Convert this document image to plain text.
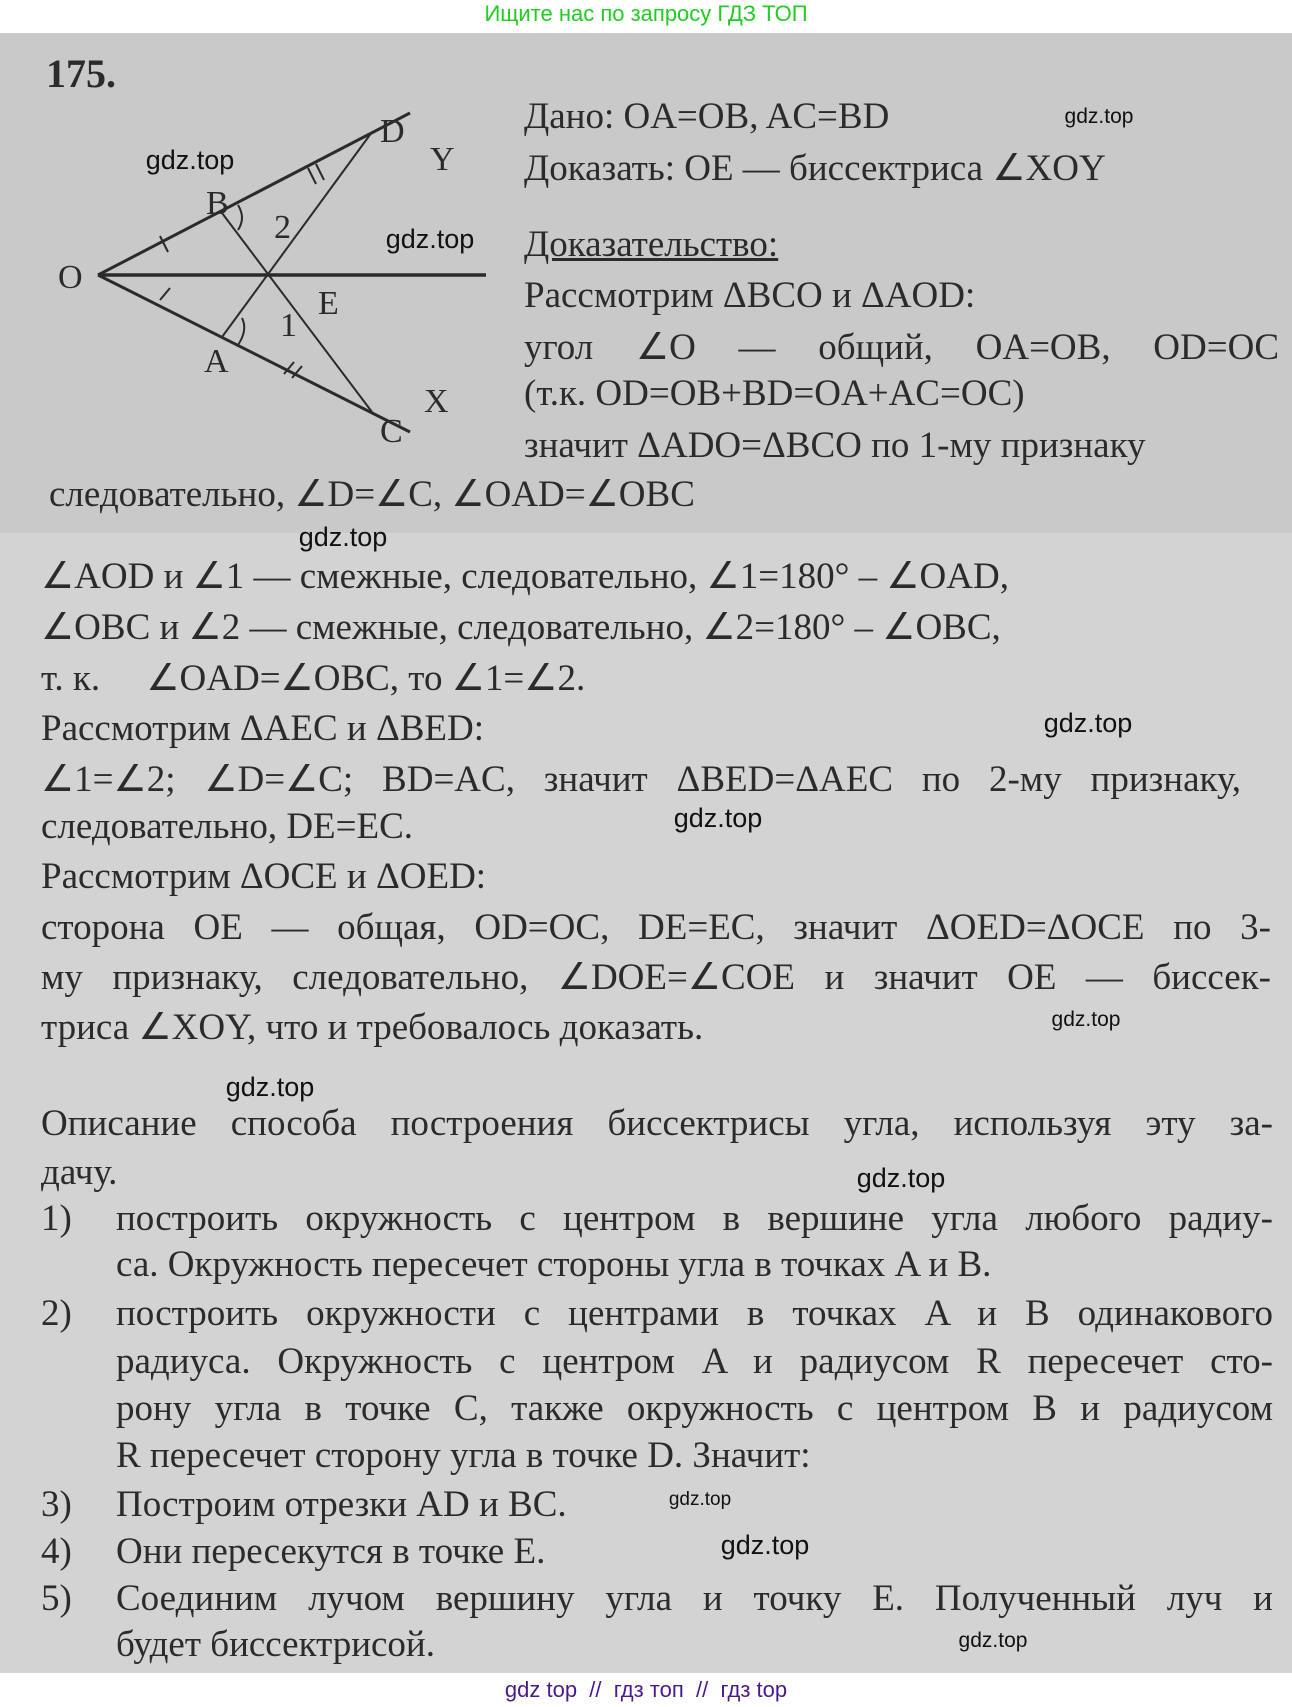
Ищите нас по запросу ГДЗ ТОП
175.
O
B
D
Y
E
A
X
C
2
1
Дано: OA=OB, AC=BD
Доказать: OE — биссектриса ∠XOY
Доказательство:
Рассмотрим ΔBCO и ΔAOD:
угол ∠O — общий, OA=OB, OD=OC
(т.к. OD=OB+BD=OA+AC=OC)
значит ΔADO=ΔBCO по 1-му признаку
следовательно, ∠D=∠C, ∠OAD=∠OBC
∠AOD и ∠1 — смежные, следовательно, ∠1=180° – ∠OAD,
∠OBC и ∠2 — смежные, следовательно, ∠2=180° – ∠OBC,
т. к.     ∠OAD=∠OBC, то ∠1=∠2.
Рассмотрим ΔAEC и ΔBED:
∠1=∠2; ∠D=∠C; BD=AC, значит ΔBED=ΔAEC по 2-му признаку,
следовательно, DE=EC.
Рассмотрим ΔOCE и ΔOED:
сторона OE — общая, OD=OC, DE=EC, значит ΔOED=ΔOCE по 3-
му признаку, следовательно, ∠DOE=∠COE и значит OE — биссек-
триса ∠XOY, что и требовалось доказать.
Описание способа построения биссектрисы угла, используя эту за-
дачу.
1) построить окружность с центром в вершине угла любого радиу-
са. Окружность пересечет стороны угла в точках A и B.
2) построить окружности с центрами в точках A и B одинакового
радиуса. Окружность с центром A и радиусом R пересечет сто-
рону угла в точке C, также окружность с центром B и радиусом
R пересечет сторону угла в точке D. Значит:
3) Построим отрезки AD и BC.
4) Они пересекутся в точке E.
5) Соединим лучом вершину угла и точку E. Полученный луч и
будет биссектрисой.
gdz.top
gdz.top
gdz.top
gdz.top
gdz.top
gdz.top
gdz.top
gdz.top
gdz.top
gdz.top
gdz.top
gdz.top
gdz top  //  гдз топ  //  гдз top
